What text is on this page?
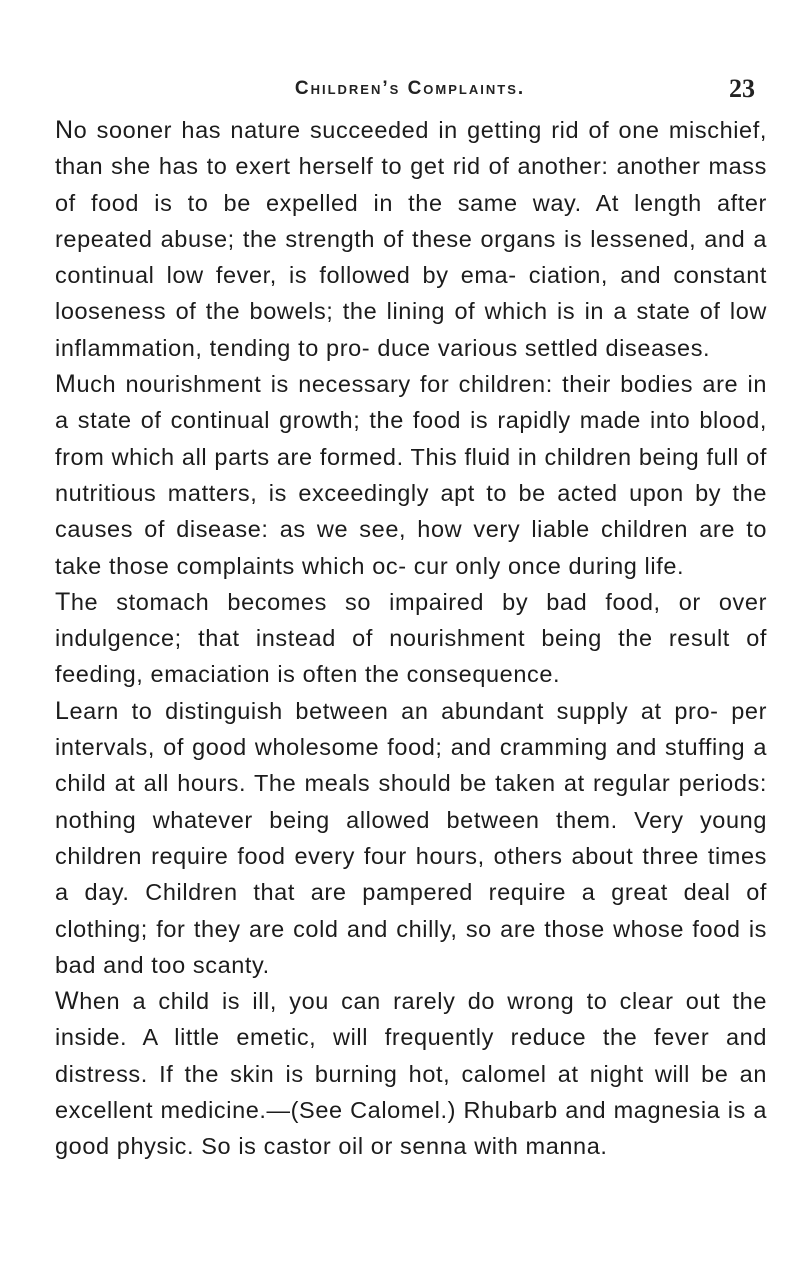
Children’s Complaints.	23

No sooner has nature succeeded in getting rid of one mischief, than she has to exert herself to get rid of another: another mass of food is to be expelled in the same way. At length after repeated abuse; the strength of these organs is lessened, and a continual low fever, is followed by ema- ciation, and constant looseness of the bowels; the lining of which is in a state of low inflammation, tending to pro- duce various settled diseases.

Much nourishment is necessary for children: their bodies are in a state of continual growth; the food is rapidly made into blood, from which all parts are formed. This fluid in children being full of nutritious matters, is exceedingly apt to be acted upon by the causes of disease: as we see, how very liable children are to take those complaints which oc- cur only once during life.

The stomach becomes so impaired by bad food, or over indulgence; that instead of nourishment being the result of feeding, emaciation is often the consequence.

Learn to distinguish between an abundant supply at pro- per intervals, of good wholesome food; and cramming and stuffing a child at all hours. The meals should be taken at regular periods: nothing whatever being allowed between them. Very young children require food every four hours, others about three times a day. Children that are pampered require a great deal of clothing; for they are cold and chilly, so are those whose food is bad and too scanty.

When a child is ill, you can rarely do wrong to clear out the inside. A little emetic, will frequently reduce the fever and distress. If the skin is burning hot, calomel at night will be an excellent medicine.—(See Calomel.) Rhubarb and magnesia is a good physic. So is castor oil or senna with manna.
